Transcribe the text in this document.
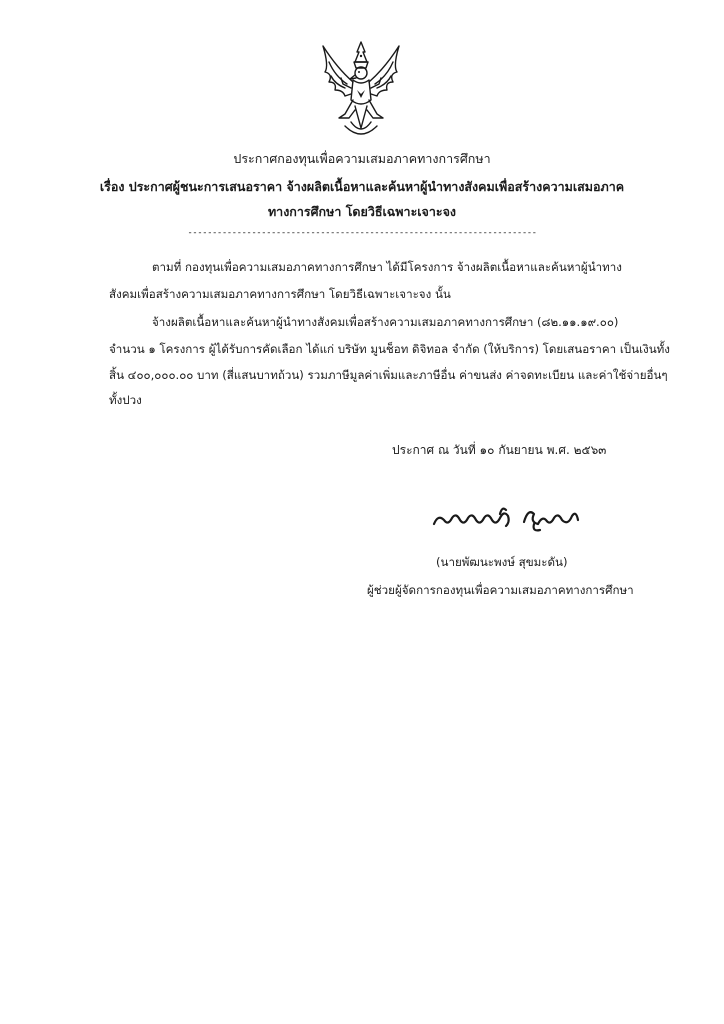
ประกาศกองทุนเพื่อความเสมอภาคทางการศึกษา
เรื่อง ประกาศผู้ชนะการเสนอราคา จ้างผลิตเนื้อหาและค้นหาผู้นำทางสังคมเพื่อสร้างความเสมอภาค
ทางการศึกษา โดยวิธีเฉพาะเจาะจง
-----------------------------------------------------------------------
ตามที่ กองทุนเพื่อความเสมอภาคทางการศึกษา ได้มีโครงการ จ้างผลิตเนื้อหาและค้นหาผู้นำทาง
สังคมเพื่อสร้างความเสมอภาคทางการศึกษา โดยวิธีเฉพาะเจาะจง นั้น
จ้างผลิตเนื้อหาและค้นหาผู้นำทางสังคมเพื่อสร้างความเสมอภาคทางการศึกษา (๘๒.๑๑.๑๙.๐๐)
จำนวน ๑ โครงการ ผู้ได้รับการคัดเลือก ได้แก่ บริษัท มูนช็อท ดิจิทอล จำกัด (ให้บริการ) โดยเสนอราคา เป็นเงินทั้ง
สิ้น ๔๐๐,๐๐๐.๐๐ บาท (สี่แสนบาทถ้วน) รวมภาษีมูลค่าเพิ่มและภาษีอื่น ค่าขนส่ง ค่าจดทะเบียน และค่าใช้จ่ายอื่นๆ
ทั้งปวง
ประกาศ ณ วันที่ ๑๐ กันยายน พ.ศ. ๒๕๖๓
(นายพัฒนะพงษ์ สุขมะดัน)
ผู้ช่วยผู้จัดการกองทุนเพื่อความเสมอภาคทางการศึกษา
